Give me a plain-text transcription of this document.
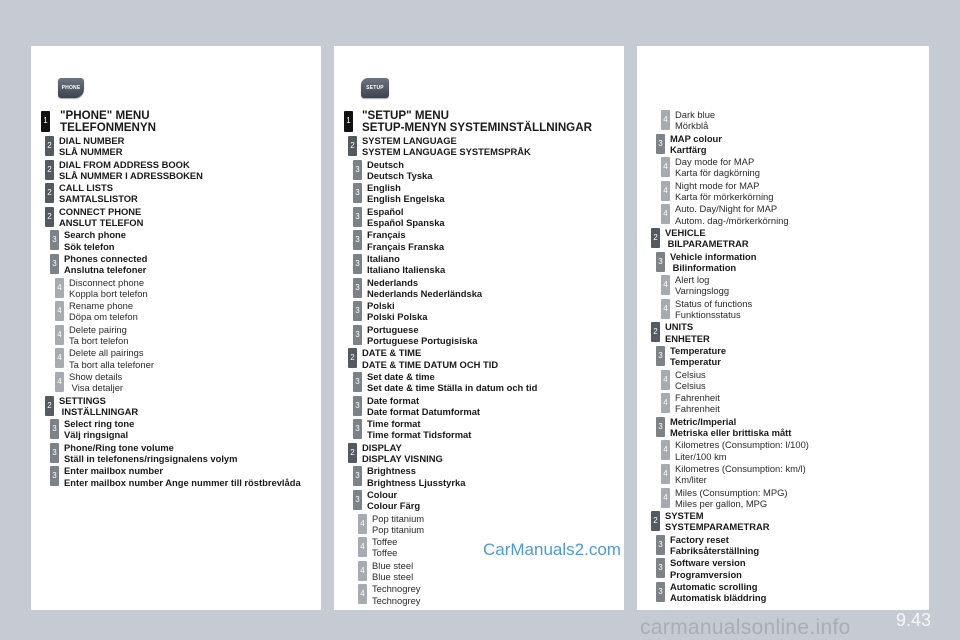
PHONE
1 "PHONE" MENU
TELEFONMENYN
2 DIAL NUMBER
SLÅ NUMMER
2 DIAL FROM ADDRESS BOOK
SLÅ NUMMER I ADRESSBOKEN
2 CALL LISTS
SAMTALSLISTOR
2 CONNECT PHONE
ANSLUT TELEFON
3 Search phone
Sök telefon
3 Phones connected
Anslutna telefoner
4 Disconnect phone
Koppla bort telefon
4 Rename phone
Döpa om telefon
4 Delete pairing
Ta bort telefon
4 Delete all pairings
Ta bort alla telefoner
4 Show details
Visa detaljer
2 SETTINGS
INSTÄLLNINGAR
3 Select ring tone
Välj ringsignal
3 Phone/Ring tone volume
Ställ in telefonens/ringsignalens volym
3 Enter mailbox number
Enter mailbox number Ange nummer till röstbrevlåda
SETUP
1 "SETUP" MENU
SETUP-MENYN SYSTEMINSTÄLLNINGAR
2 SYSTEM LANGUAGE
SYSTEM LANGUAGE SYSTEMSPRÅK
3 Deutsch
Deutsch Tyska
3 English
English Engelska
3 Español
Español Spanska
3 Français
Français Franska
3 Italiano
Italiano Italienska
3 Nederlands
Nederlands Nederländska
3 Polski
Polski Polska
3 Portuguese
Portuguese Portugisiska
2 DATE & TIME
DATE & TIME DATUM OCH TID
3 Set date & time
Set date & time Ställa in datum och tid
3 Date format
Date format Datumformat
3 Time format
Time format Tidsformat
2 DISPLAY
DISPLAY VISNING
3 Brightness
Brightness Ljusstyrka
3 Colour
Colour Färg
4 Pop titanium
Pop titanium
4 Toffee
Toffee
4 Blue steel
Blue steel
4 Technogrey
Technogrey
4 Dark blue
Mörkblå
3 MAP colour
Kartfärg
4 Day mode for MAP
Karta för dagkörning
4 Night mode for MAP
Karta för mörkerkörning
4 Auto. Day/Night for MAP
Autom. dag-/mörkerkörning
2 VEHICLE
BILPARAMETRAR
3 Vehicle information
Bilinformation
4 Alert log
Varningslogg
4 Status of functions
Funktionsstatus
2 UNITS
ENHETER
3 Temperature
Temperatur
4 Celsius
Celsius
4 Fahrenheit
Fahrenheit
3 Metric/Imperial
Metriska eller brittiska mått
4 Kilometres (Consumption: l/100)
Liter/100 km
4 Kilometres (Consumption: km/l)
Km/liter
4 Miles (Consumption: MPG)
Miles per gallon, MPG
2 SYSTEM
SYSTEMPARAMETRAR
3 Factory reset
Fabriksåterställning
3 Software version
Programversion
3 Automatic scrolling
Automatisk bläddring
CarManuals2.com
carmanualsonline.info	9.43
